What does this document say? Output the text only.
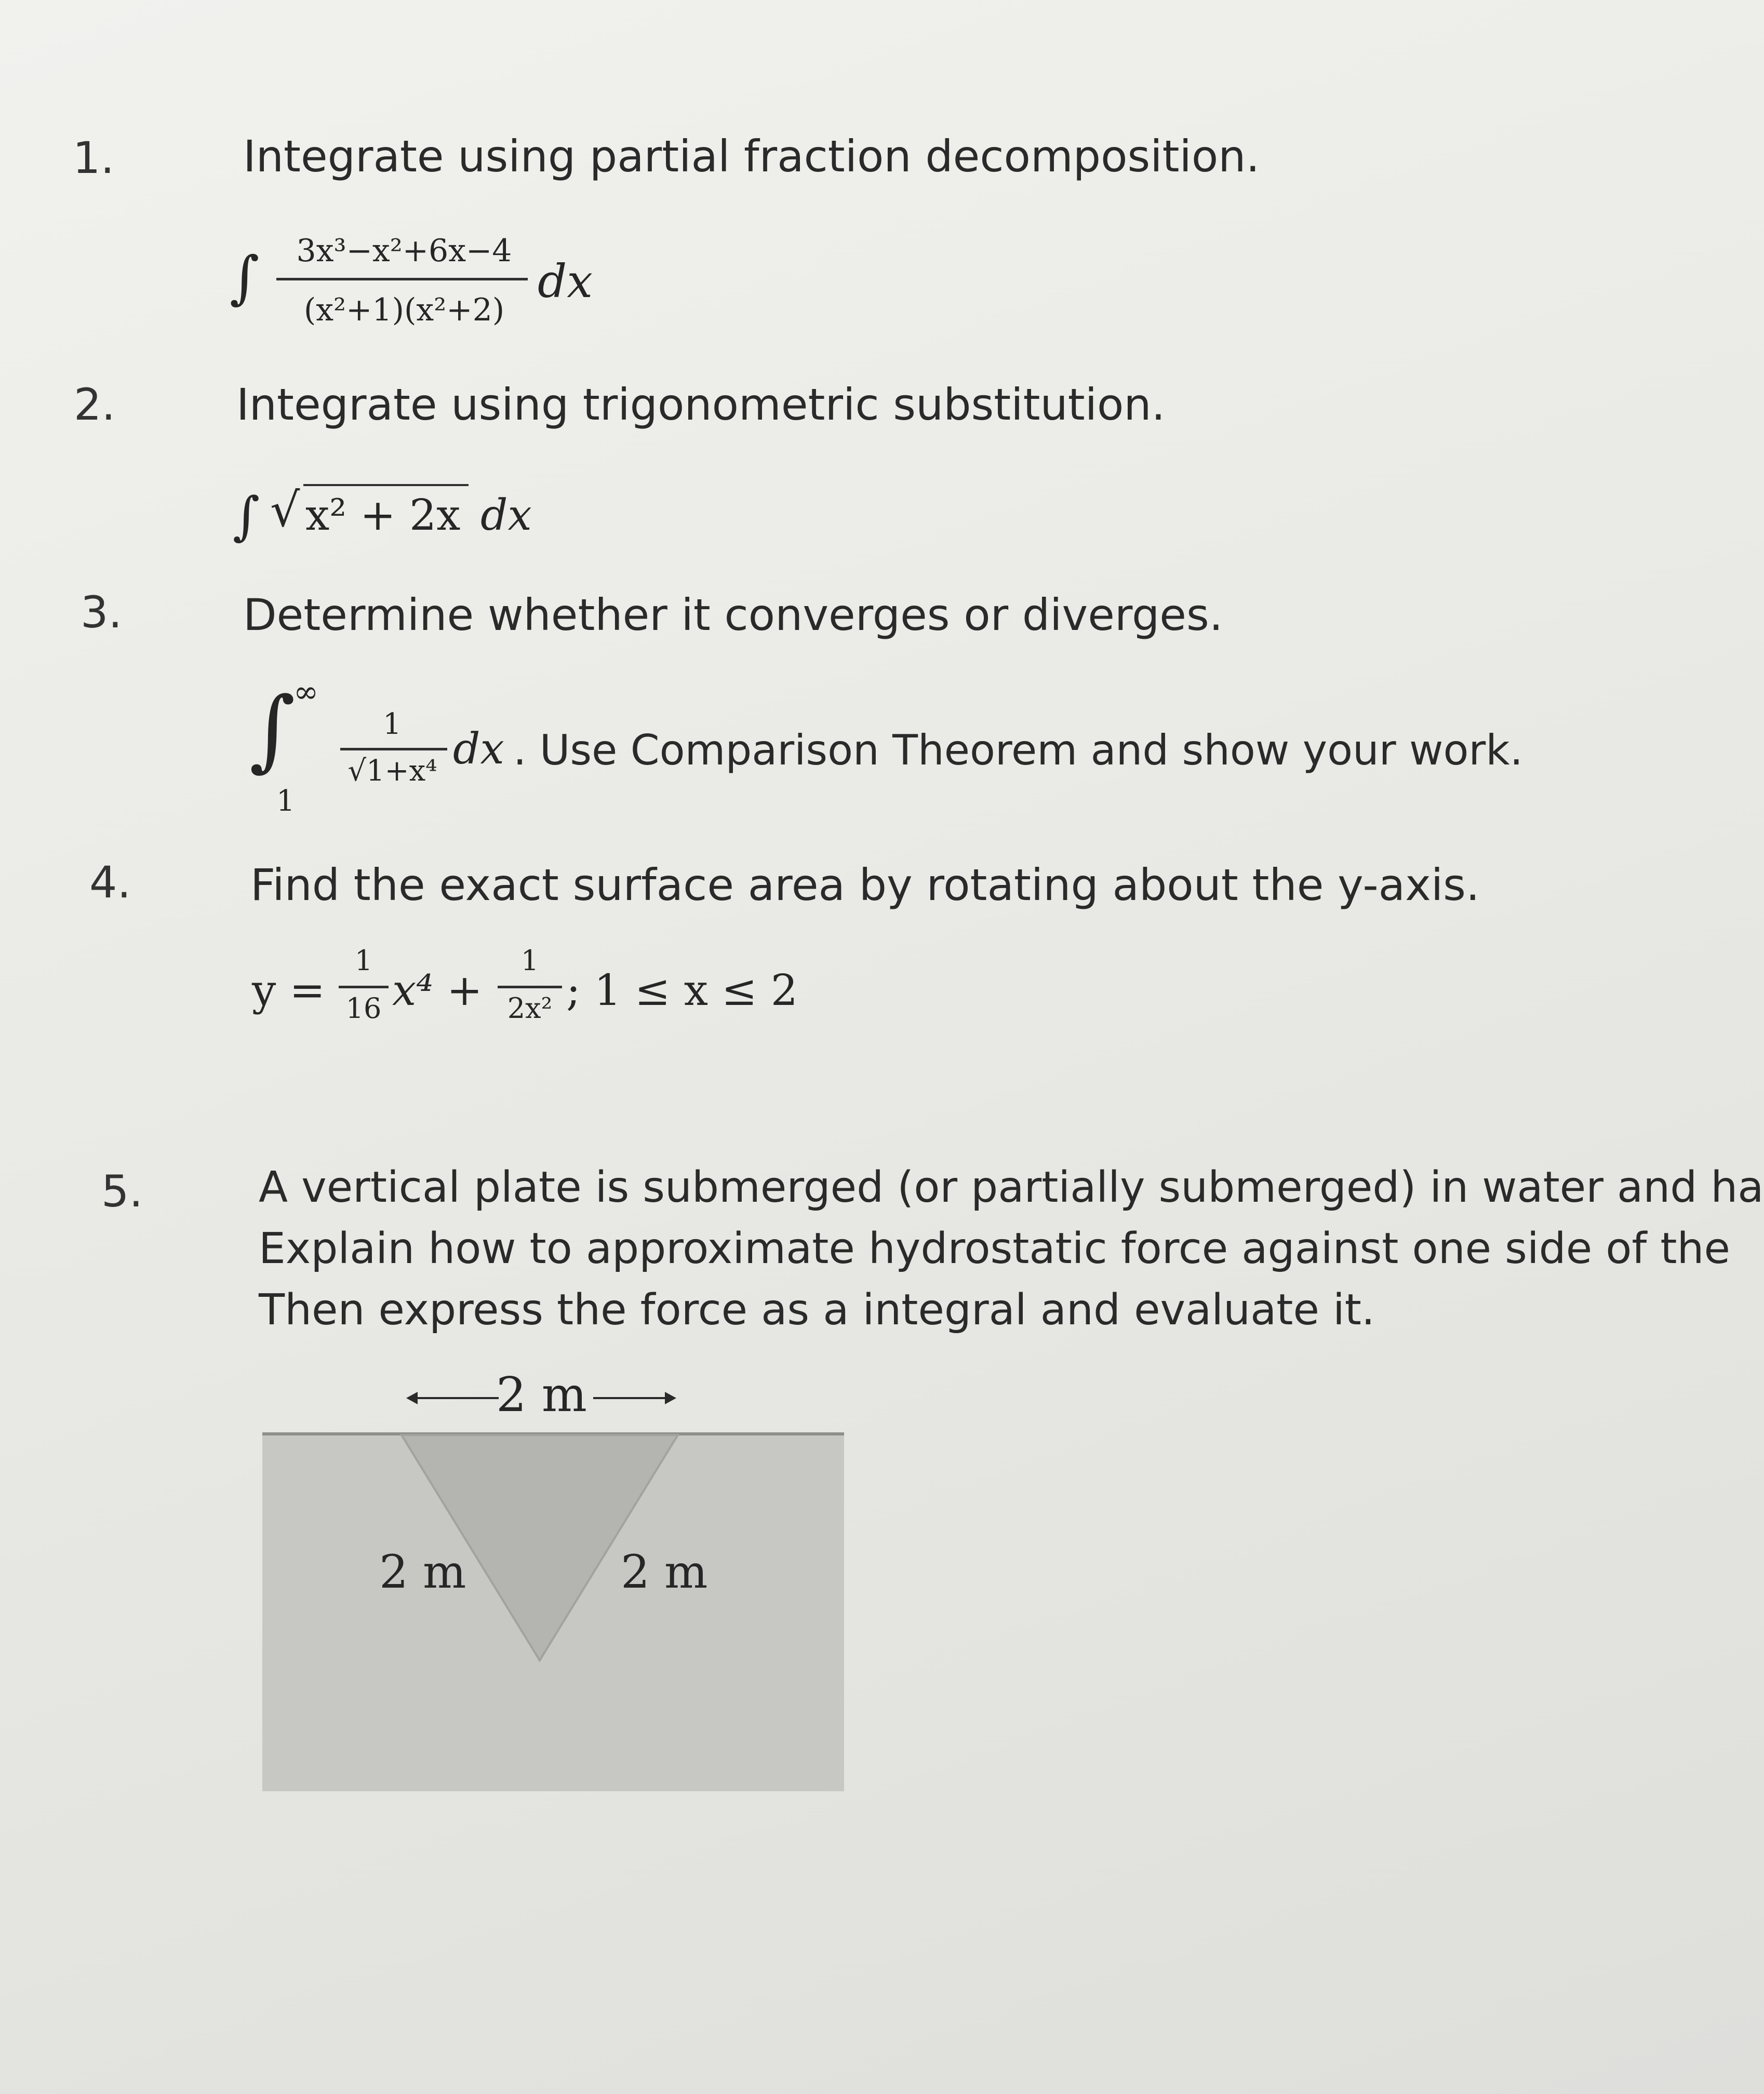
1.	Integrate using partial fraction decomposition.
∫	3x³−x²+6x−4
(x²+1)(x²+2)
dx
2.	Integrate using trigonometric substitution.
∫ √ x² + 2x dx
3.	Determine whether it converges or diverges.
∫
∞
1
1
√1+x⁴ dx . Use Comparison Theorem and show your work.
4.	Find the exact surface area by rotating about the y-axis.
y =
1
16 x⁴ +
1
2x² ; 1 ≤ x ≤ 2
5.	A vertical plate is submerged (or partially submerged) in water and ha
Explain how to approximate hydrostatic force against one side of the
Then express the force as a integral and evaluate it.
2 m
2 m	2 m
